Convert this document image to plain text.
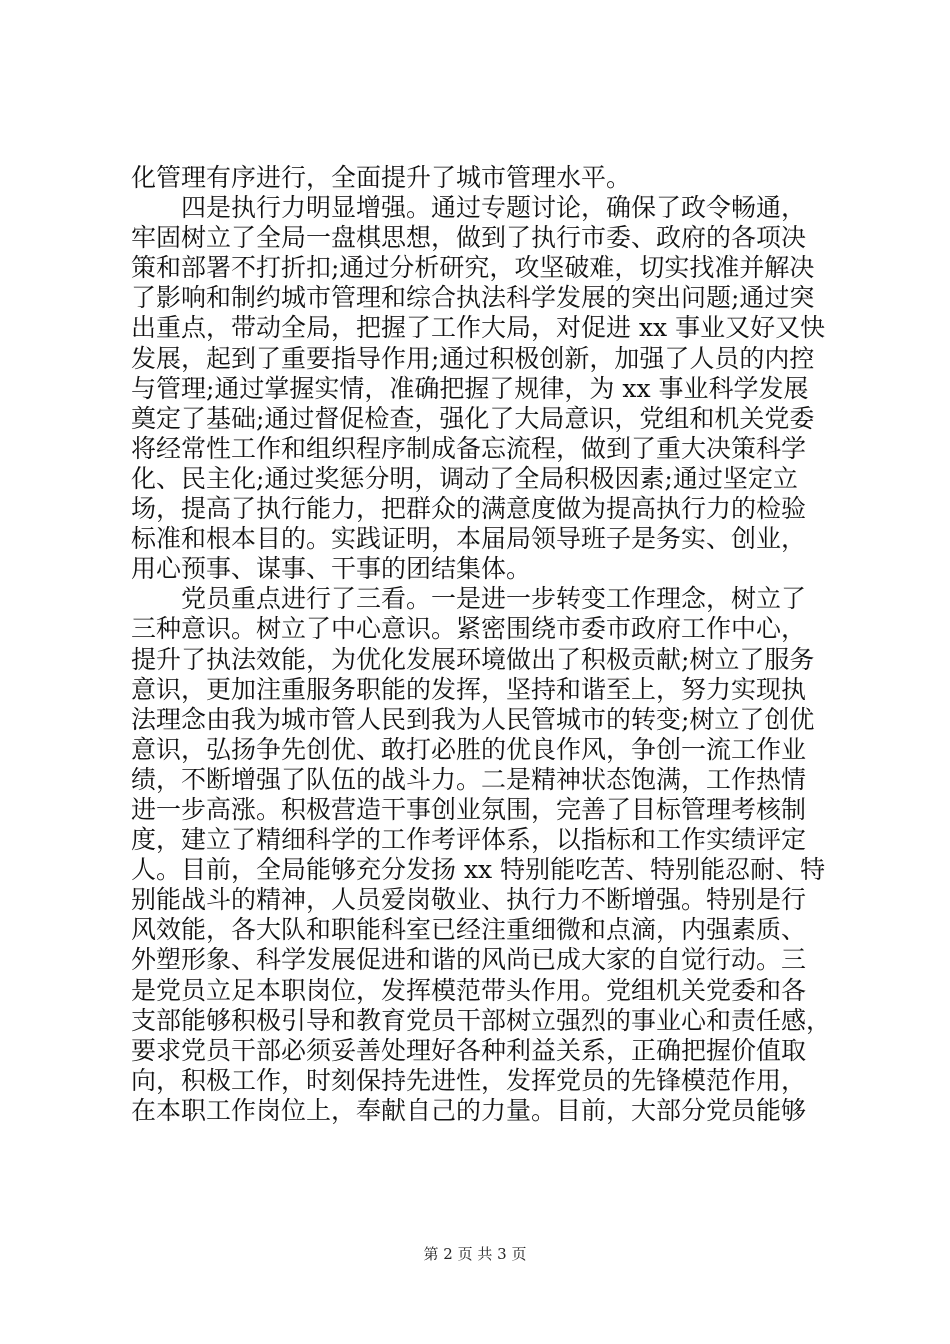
化管理有序进行，全面提升了城市管理水平。
四是执行力明显增强。通过专题讨论，确保了政令畅通，
牢固树立了全局一盘棋思想，做到了执行市委、政府的各项决
策和部署不打折扣;通过分析研究，攻坚破难，切实找准并解决
了影响和制约城市管理和综合执法科学发展的突出问题;通过突
出重点，带动全局，把握了工作大局，对促进 xx 事业又好又快
发展，起到了重要指导作用;通过积极创新，加强了人员的内控
与管理;通过掌握实情，准确把握了规律，为 xx 事业科学发展
奠定了基础;通过督促检查，强化了大局意识，党组和机关党委
将经常性工作和组织程序制成备忘流程，做到了重大决策科学
化、民主化;通过奖惩分明，调动了全局积极因素;通过坚定立
场，提高了执行能力，把群众的满意度做为提高执行力的检验
标准和根本目的。实践证明，本届局领导班子是务实、创业，
用心预事、谋事、干事的团结集体。
党员重点进行了三看。一是进一步转变工作理念，树立了
三种意识。树立了中心意识。紧密围绕市委市政府工作中心，
提升了执法效能，为优化发展环境做出了积极贡献;树立了服务
意识，更加注重服务职能的发挥，坚持和谐至上，努力实现执
法理念由我为城市管人民到我为人民管城市的转变;树立了创优
意识，弘扬争先创优、敢打必胜的优良作风，争创一流工作业
绩，不断增强了队伍的战斗力。二是精神状态饱满，工作热情
进一步高涨。积极营造干事创业氛围，完善了目标管理考核制
度，建立了精细科学的工作考评体系，以指标和工作实绩评定
人。目前，全局能够充分发扬 xx 特别能吃苦、特别能忍耐、特
别能战斗的精神，人员爱岗敬业、执行力不断增强。特别是行
风效能，各大队和职能科室已经注重细微和点滴，内强素质、
外塑形象、科学发展促进和谐的风尚已成大家的自觉行动。三
是党员立足本职岗位，发挥模范带头作用。党组机关党委和各
支部能够积极引导和教育党员干部树立强烈的事业心和责任感，
要求党员干部必须妥善处理好各种利益关系，正确把握价值取
向，积极工作，时刻保持先进性，发挥党员的先锋模范作用，
在本职工作岗位上，奉献自己的力量。目前，大部分党员能够
第 2 页 共 3 页
